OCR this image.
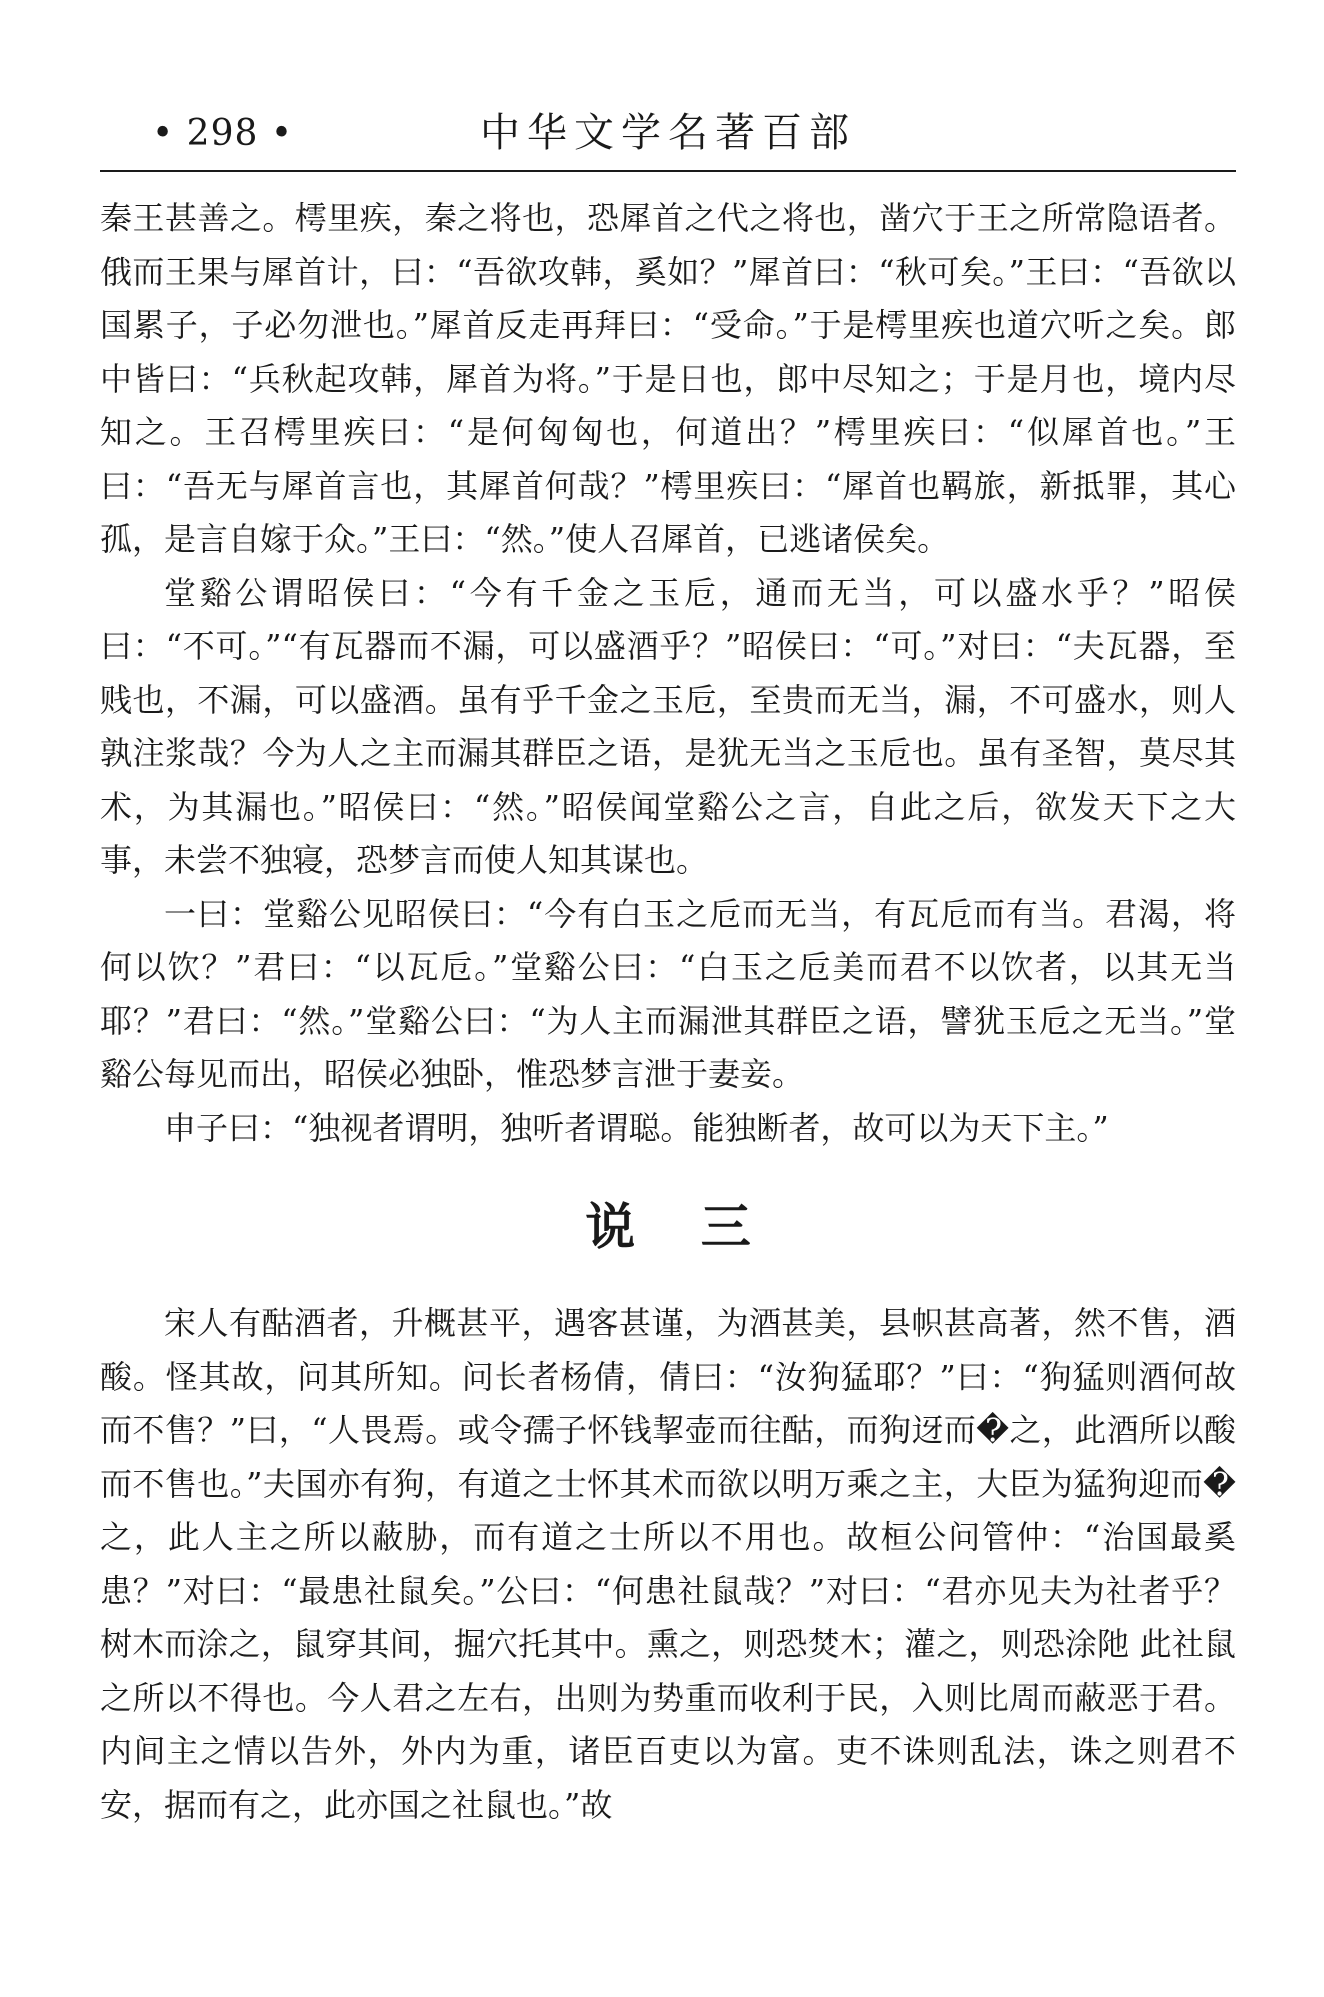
• 298 •	中华文学名著百部

秦王甚善之。樗里疾，秦之将也，恐犀首之代之将也，凿穴于王之所常隐语者。俄而王果与犀首计，曰：“吾欲攻韩，奚如？”犀首曰：“秋可矣。”王曰：“吾欲以国累子，子必勿泄也。”犀首反走再拜曰：“受命。”于是樗里疾也道穴听之矣。郎中皆曰：“兵秋起攻韩，犀首为将。”于是日也，郎中尽知之；于是月也，境内尽知之。王召樗里疾曰：“是何匈匈也，何道出？”樗里疾曰：“似犀首也。”王曰：“吾无与犀首言也，其犀首何哉？”樗里疾曰：“犀首也羁旅，新抵罪，其心孤，是言自嫁于众。”王曰：“然。”使人召犀首，已逃诸侯矣。

堂谿公谓昭侯曰：“今有千金之玉卮，通而无当，可以盛水乎？”昭侯曰：“不可。”“有瓦器而不漏，可以盛酒乎？”昭侯曰：“可。”对曰：“夫瓦器，至贱也，不漏，可以盛酒。虽有乎千金之玉卮，至贵而无当，漏，不可盛水，则人孰注浆哉？今为人之主而漏其群臣之语，是犹无当之玉卮也。虽有圣智，莫尽其术，为其漏也。”昭侯曰：“然。”昭侯闻堂谿公之言，自此之后，欲发天下之大事，未尝不独寝，恐梦言而使人知其谋也。

一曰：堂谿公见昭侯曰：“今有白玉之卮而无当，有瓦卮而有当。君渴，将何以饮？”君曰：“以瓦卮。”堂谿公曰：“白玉之卮美而君不以饮者，以其无当耶？”君曰：“然。”堂谿公曰：“为人主而漏泄其群臣之语，譬犹玉卮之无当。”堂谿公每见而出，昭侯必独卧，惟恐梦言泄于妻妾。

申子曰：“独视者谓明，独听者谓聪。能独断者，故可以为天下主。”

说 三

宋人有酤酒者，升概甚平，遇客甚谨，为酒甚美，县帜甚高著，然不售，酒酸。怪其故，问其所知。问长者杨倩，倩曰：“汝狗猛耶？”曰：“狗猛则酒何故而不售？”曰，“人畏焉。或令孺子怀钱挈壶而往酤，而狗迓而�之，此酒所以酸而不售也。”夫国亦有狗，有道之士怀其术而欲以明万乘之主，大臣为猛狗迎而�之，此人主之所以蔽胁，而有道之士所以不用也。故桓公问管仲：“治国最奚患？”对曰：“最患社鼠矣。”公曰：“何患社鼠哉？”对曰：“君亦见夫为社者乎？树木而涂之，鼠穿其间，掘穴托其中。熏之，则恐焚木；灌之，则恐涂阤 此社鼠之所以不得也。今人君之左右，出则为势重而收利于民，入则比周而蔽恶于君。内间主之情以告外，外内为重，诸臣百吏以为富。吏不诛则乱法，诛之则君不安，据而有之，此亦国之社鼠也。”故
